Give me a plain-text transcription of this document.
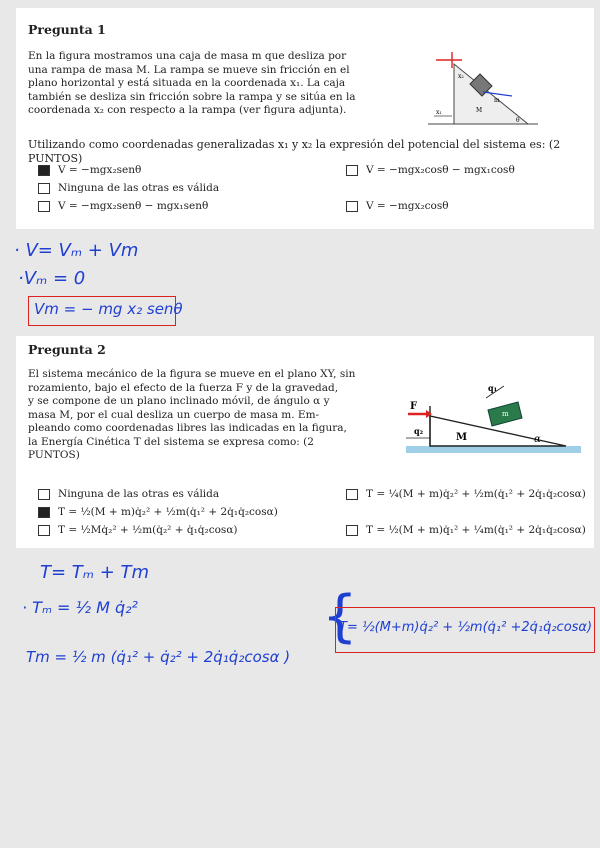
Pregunta 1
En la figura mostramos una caja de masa m que desliza por
una rampa de masa M. La rampa se mueve sin fricción en el
plano horizontal y está situada en la coordenada x₁. La caja
también se desliza sin fricción sobre la rampa y se sitúa en la
coordenada x₂ con respecto a la rampa (ver figura adjunta).	x₁
x₂
M
m
θ
Utilizando como coordenadas generalizadas x₁ y x₂ la expresión del potencial del sistema es: (2 PUNTOS)
V = −mgx₂senθ	V = −mgx₂cosθ − mgx₁cosθ
Ninguna de las otras es válida
V = −mgx₂senθ − mgx₁senθ	V = −mgx₂cosθ
· V= Vₘ + Vm
·Vₘ = 0
Vm = − mg x₂ senθ
Pregunta 2
El sistema mecánico de la figura se mueve en el plano XY, sin
rozamiento, bajo el efecto de la fuerza F y de la gravedad,
y se compone de un plano inclinado móvil, de ángulo α y
masa M, por el cual desliza un cuerpo de masa m. Em-
pleando como coordenadas libres las indicadas en la figura,
la Energía Cinética T del sistema se expresa como: (2
PUNTOS)
F
q₁
q₂
M
m
α
Ninguna de las otras es válida	T = ¼(M + m)q̇₂² + ½m(q̇₁² + 2q̇₁q̇₂cosα)
T = ½(M + m)q̇₂² + ½m(q̇₁² + 2q̇₁q̇₂cosα)
T = ½Mq̇₂² + ½m(q̇₂² + q̇₁q̇₂cosα)	T = ½(M + m)q̇₁² + ¼m(q̇₁² + 2q̇₁q̇₂cosα)
T= Tₘ + Tm
· Tₘ = ½ M q̇₂²
Tm = ½ m (q̇₁² + q̇₂² + 2q̇₁q̇₂cosα )
{
T= ½(M+m)q̇₂² + ½m(q̇₁² +2q̇₁q̇₂cosα)
